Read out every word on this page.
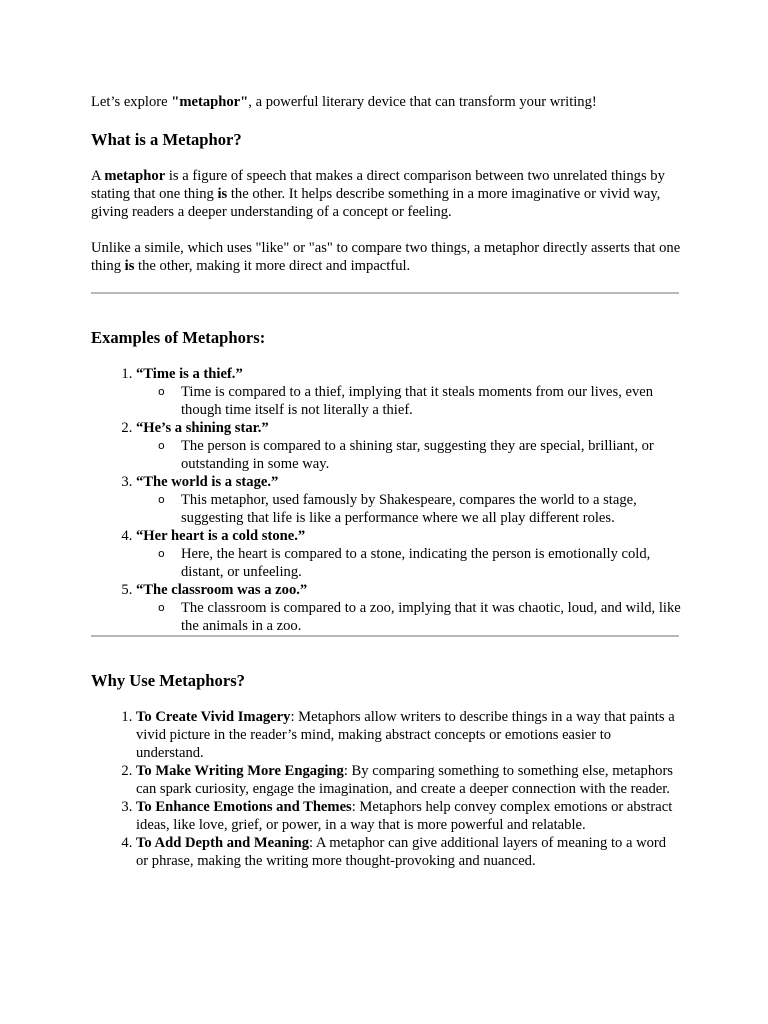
Let’s explore "metaphor", a powerful literary device that can transform your writing!

What is a Metaphor?

A metaphor is a figure of speech that makes a direct comparison between two unrelated things by stating that one thing is the other. It helps describe something in a more imaginative or vivid way, giving readers a deeper understanding of a concept or feeling.

Unlike a simile, which uses "like" or "as" to compare two things, a metaphor directly asserts that one thing is the other, making it more direct and impactful.

Examples of Metaphors:
1. “Time is a thief.”
o Time is compared to a thief, implying that it steals moments from our lives, even though time itself is not literally a thief.
2. “He’s a shining star.”
o The person is compared to a shining star, suggesting they are special, brilliant, or outstanding in some way.
3. “The world is a stage.”
o This metaphor, used famously by Shakespeare, compares the world to a stage, suggesting that life is like a performance where we all play different roles.
4. “Her heart is a cold stone.”
o Here, the heart is compared to a stone, indicating the person is emotionally cold, distant, or unfeeling.
5. “The classroom was a zoo.”
o The classroom is compared to a zoo, implying that it was chaotic, loud, and wild, like the animals in a zoo.
Why Use Metaphors?
1. To Create Vivid Imagery: Metaphors allow writers to describe things in a way that paints a vivid picture in the reader’s mind, making abstract concepts or emotions easier to understand.
2. To Make Writing More Engaging: By comparing something to something else, metaphors can spark curiosity, engage the imagination, and create a deeper connection with the reader.
3. To Enhance Emotions and Themes: Metaphors help convey complex emotions or abstract ideas, like love, grief, or power, in a way that is more powerful and relatable.
4. To Add Depth and Meaning: A metaphor can give additional layers of meaning to a word or phrase, making the writing more thought-provoking and nuanced.
